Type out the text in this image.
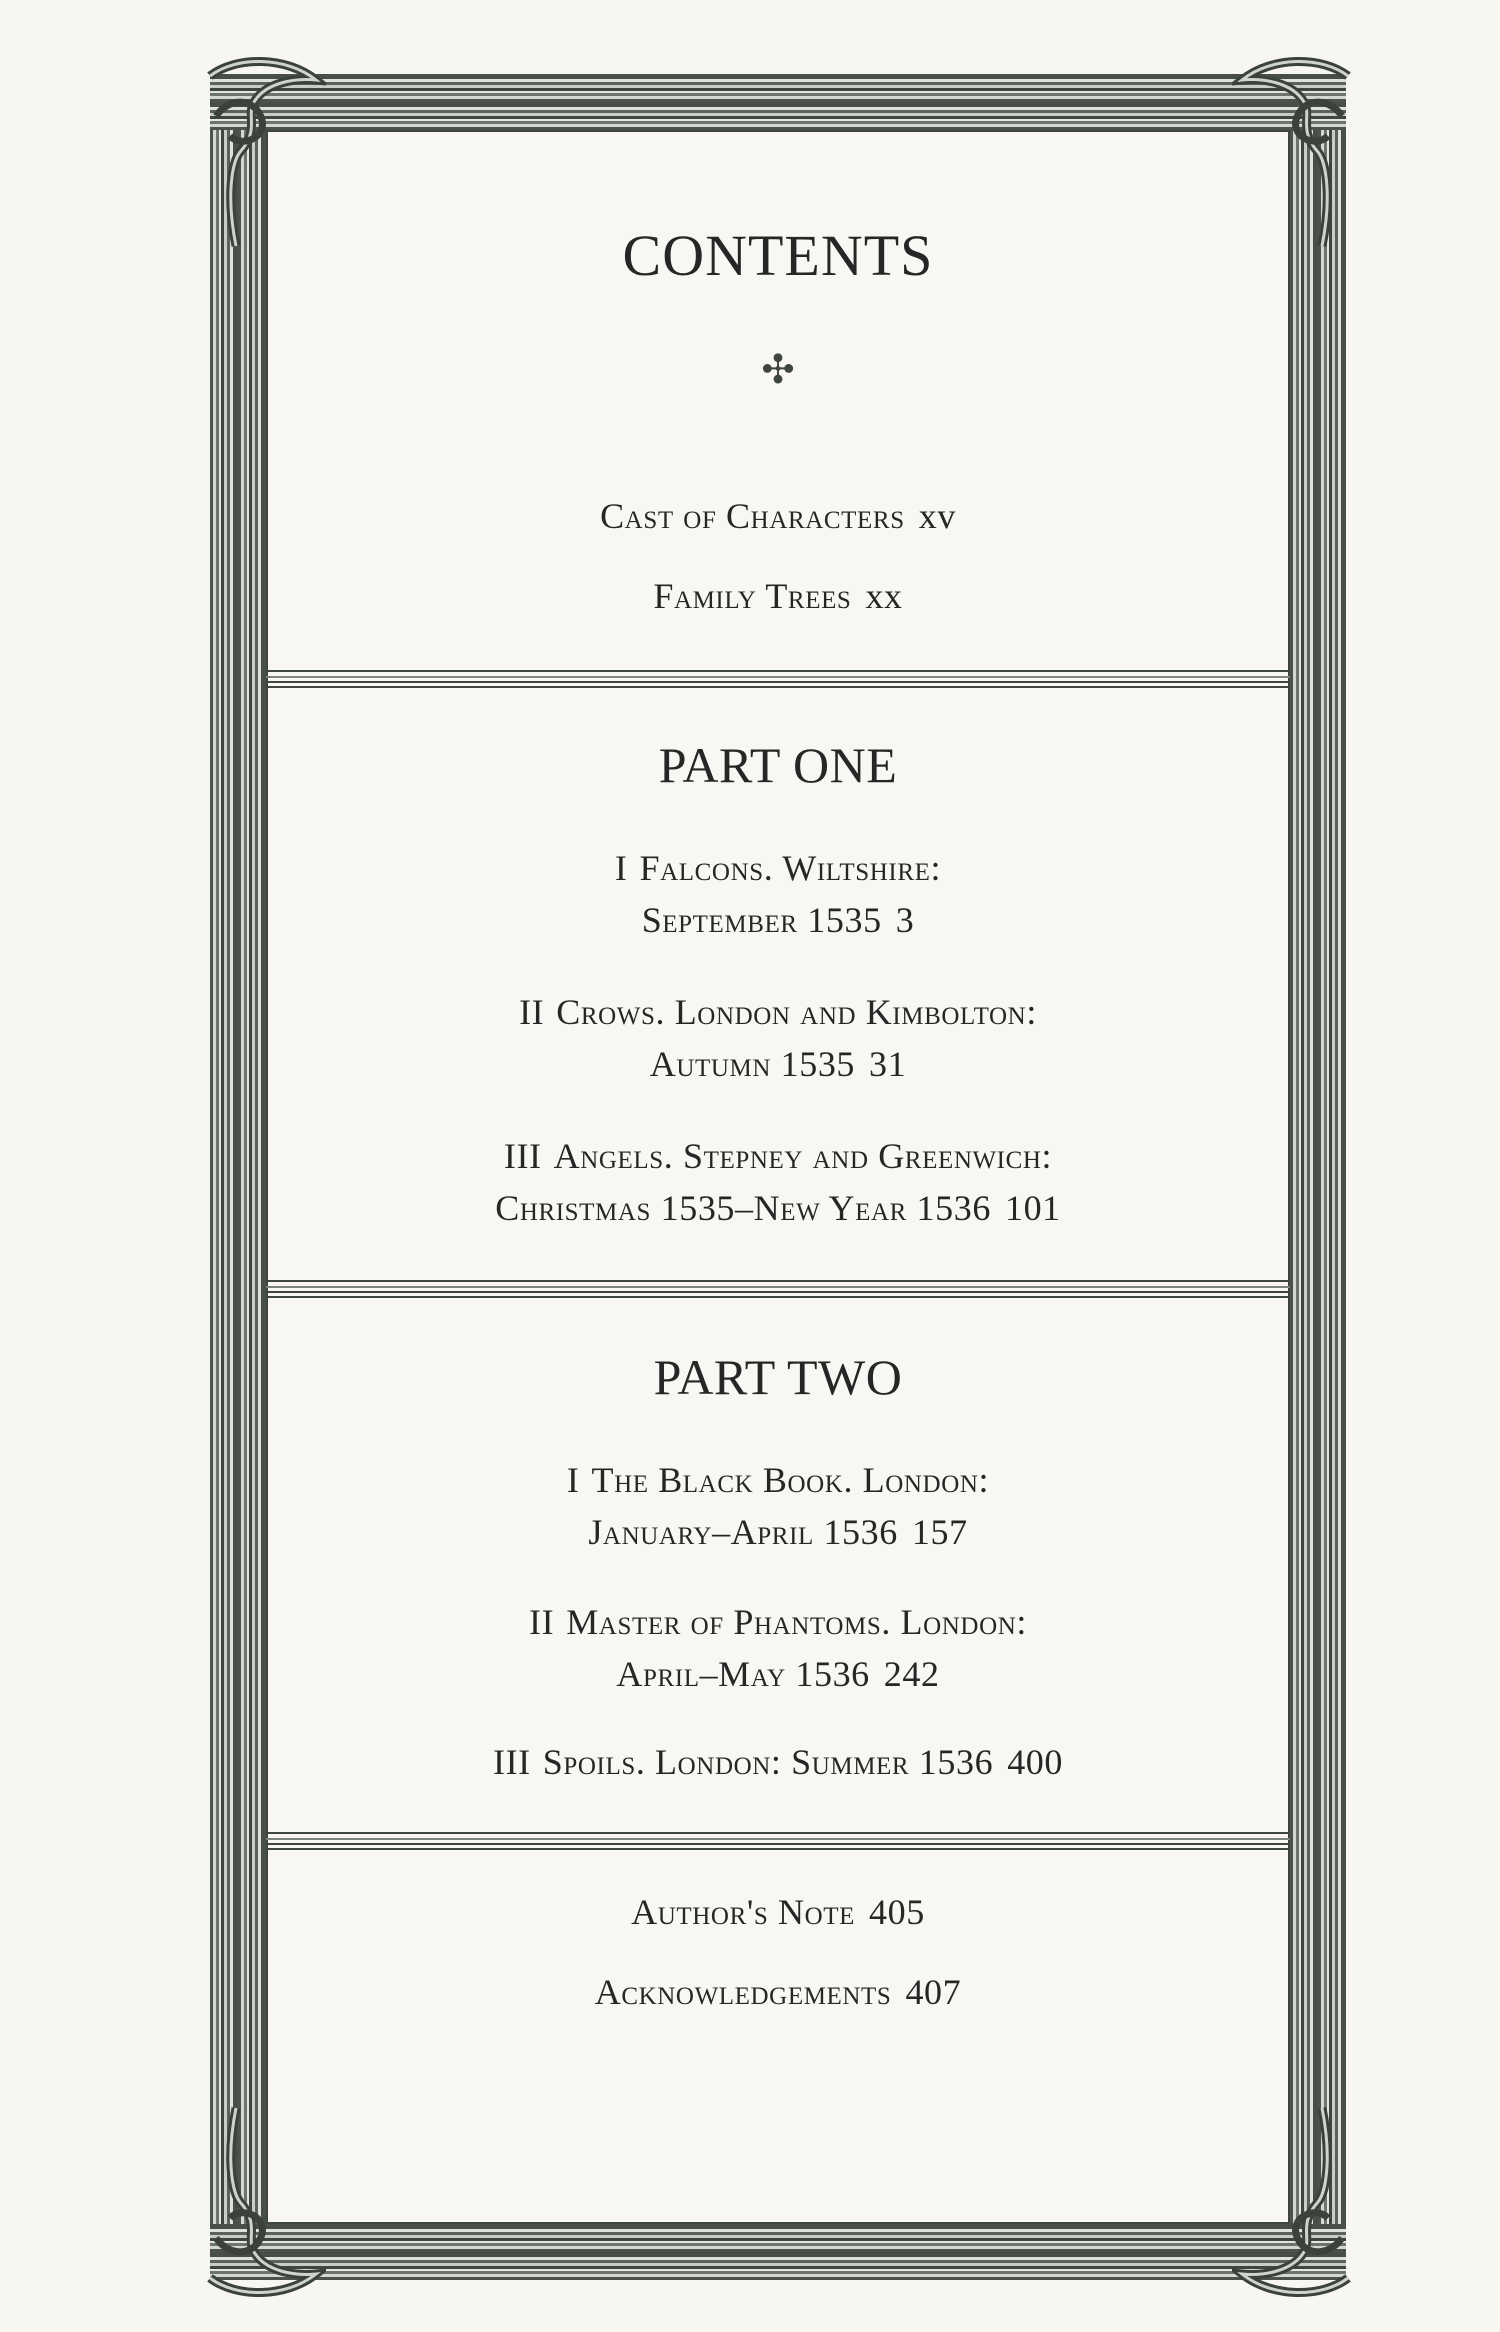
CONTENTS
✣
Cast of Characters xv
Family Trees xx
PART ONE
I Falcons. Wiltshire:
September 1535 3
II Crows. London and Kimbolton:
Autumn 1535 31
III Angels. Stepney and Greenwich:
Christmas 1535–New Year 1536 101
PART TWO
I The Black Book. London:
January–April 1536 157
II Master of Phantoms. London:
April–May 1536 242
III Spoils. London: Summer 1536 400
Author's Note 405
Acknowledgements 407
